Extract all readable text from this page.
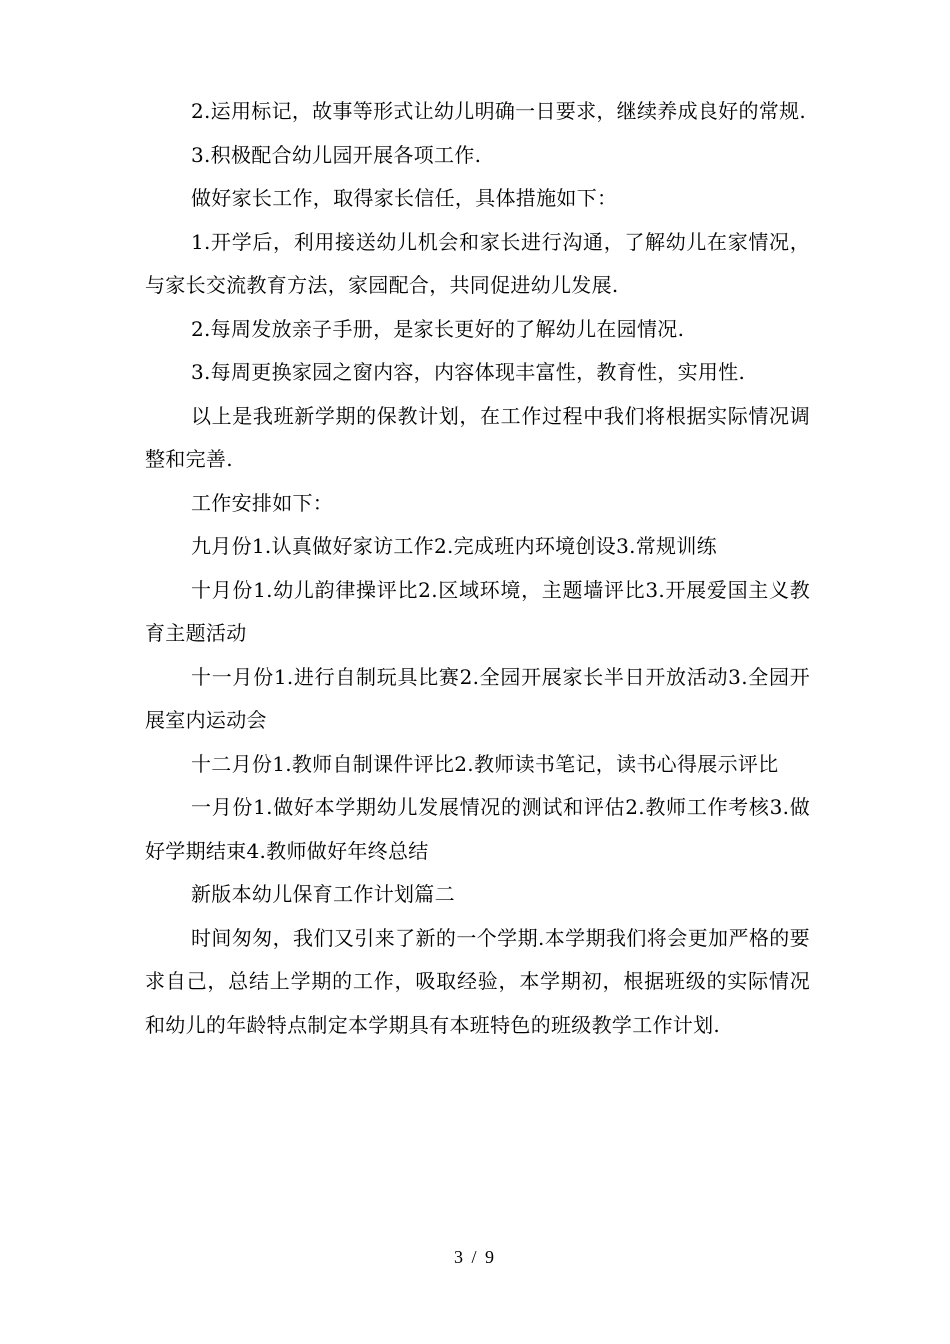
2.运用标记，故事等形式让幼儿明确一日要求，继续养成良好的常规.

3.积极配合幼儿园开展各项工作.

做好家长工作，取得家长信任，具体措施如下：

1.开学后，利用接送幼儿机会和家长进行沟通，了解幼儿在家情况，与家长交流教育方法，家园配合，共同促进幼儿发展.

2.每周发放亲子手册，是家长更好的了解幼儿在园情况.

3.每周更换家园之窗内容，内容体现丰富性，教育性，实用性.

以上是我班新学期的保教计划，在工作过程中我们将根据实际情况调整和完善.

工作安排如下：

九月份1.认真做好家访工作2.完成班内环境创设3.常规训练

十月份1.幼儿韵律操评比2.区域环境，主题墙评比3.开展爱国主义教育主题活动

十一月份1.进行自制玩具比赛2.全园开展家长半日开放活动3.全园开展室内运动会

十二月份1.教师自制课件评比2.教师读书笔记，读书心得展示评比

一月份1.做好本学期幼儿发展情况的测试和评估2.教师工作考核3.做好学期结束4.教师做好年终总结

新版本幼儿保育工作计划篇二

时间匆匆，我们又引来了新的一个学期.本学期我们将会更加严格的要求自己，总结上学期的工作，吸取经验，本学期初，根据班级的实际情况和幼儿的年龄特点制定本学期具有本班特色的班级教学工作计划.

3 / 9
